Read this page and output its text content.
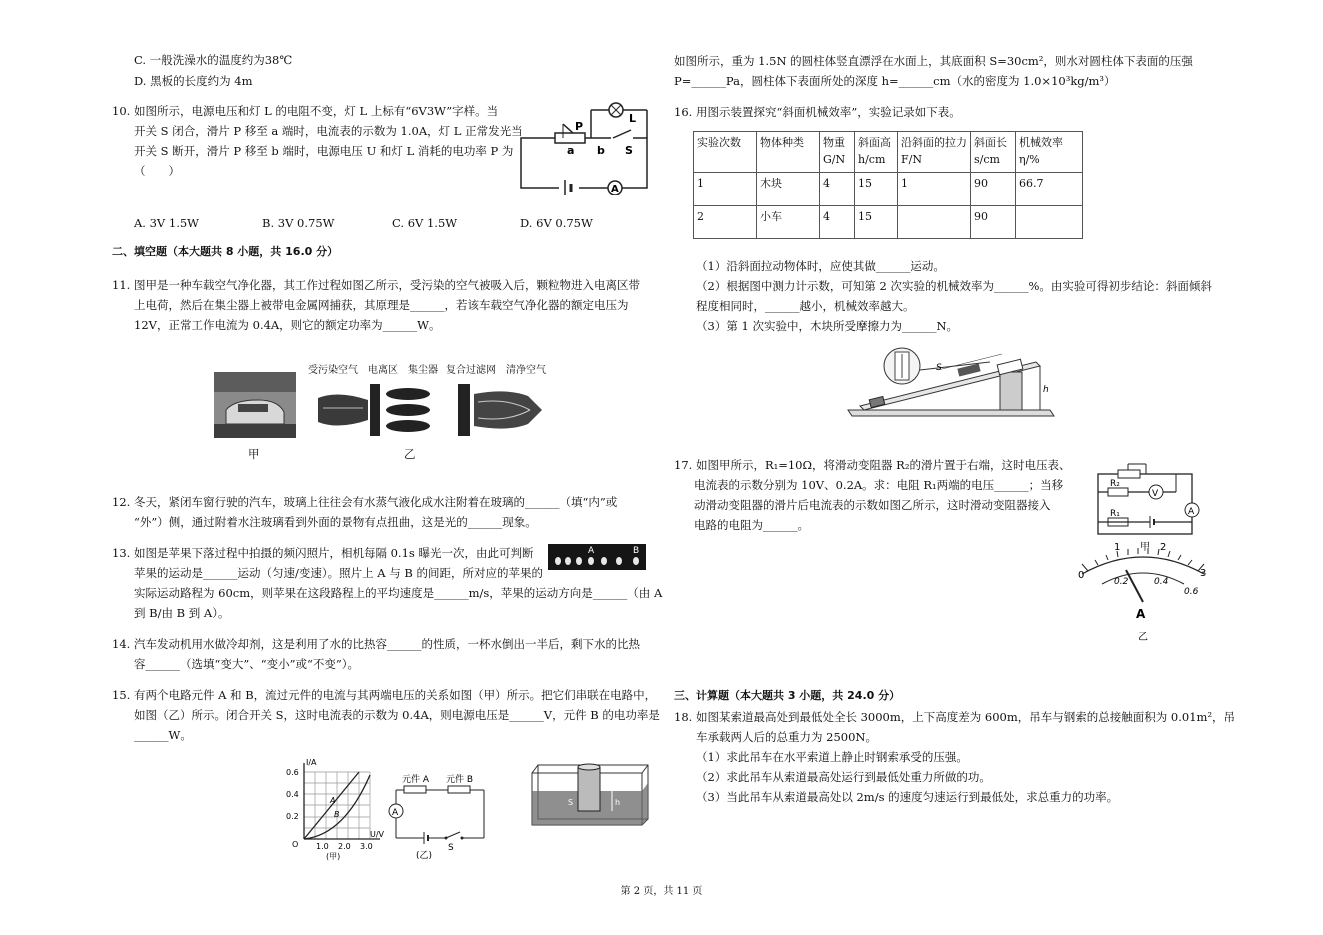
C. 一般洗澡水的温度约为38℃
D. 黑板的长度约为 4m
10. 如图所示，电源电压和灯 L 的电阻不变，灯 L 上标有“6V3W”字样。当
开关 S 闭合，滑片 P 移至 a 端时，电流表的示数为 1.0A，灯 L 正常发光当
开关 S 断开，滑片 P 移至 b 端时，电源电压 U 和灯 L 消耗的电功率 P 为
（　　）
P
a b
L
S
A
A. 3V 1.5W	B. 3V 0.75W	C. 6V 1.5W	D. 6V 0.75W
二、填空题（本大题共 8 小题，共 16.0 分）
11. 图甲是一种车载空气净化器，其工作过程如图乙所示，受污染的空气被吸入后，颗粒物进入电离区带
上电荷，然后在集尘器上被带电金属网捕获，其原理是______，若该车载空气净化器的额定电压为
12V，正常工作电流为 0.4A，则它的额定功率为______W。
受污染空气 电离区 集尘器 复合过滤网 清净空气
甲	乙
12. 冬天，紧闭车窗行驶的汽车，玻璃上往往会有水蒸气液化成水注附着在玻璃的______（填“内”或
“外”）侧，通过附着水注玻璃看到外面的景物有点扭曲，这是光的______现象。
13. 如图是苹果下落过程中拍摄的频闪照片，相机每隔 0.1s 曝光一次，由此可判断
苹果的运动是______运动（匀速/变速）。照片上 A 与 B 的间距，所对应的苹果的
实际运动路程为 60cm，则苹果在这段路程上的平均速度是______m/s，苹果的运动方向是______（由 A
到 B/由 B 到 A）。
A	B
14. 汽车发动机用水做冷却剂，这是利用了水的比热容______的性质，一杯水倒出一半后，剩下水的比热
容______（选填“变大”、“变小”或“不变”）。
15. 有两个电路元件 A 和 B，流过元件的电流与其两端电压的关系如图（甲）所示。把它们串联在电路中，
如图（乙）所示。闭合开关 S，这时电流表的示数为 0.4A，则电源电压是______V，元件 B 的电功率是
______W。
I/A
U/V
0.6
0.4
0.2
O 1.0 2.0 3.0
A
B
(甲)
元件 A 元件 B
A
S
(乙)
S	h
如图所示，重为 1.5N 的圆柱体竖直漂浮在水面上，其底面积 S=30cm²，则水对圆柱体下表面的压强
P=______Pa，圆柱体下表面所处的深度 h=______cm（水的密度为 1.0×10³kg/m³）
16. 用图示装置探究“斜面机械效率”，实验记录如下表。
实验次数	物体种类	物重G/N	斜面高h/cm	沿斜面的拉力F/N	斜面长s/cm	机械效率η/%
1	木块	4	15	1	90	66.7
2	小车	4	15		90	
（1）沿斜面拉动物体时，应使其做______运动。
（2）根据图中测力计示数，可知第 2 次实验的机械效率为______%。由实验可得初步结论：斜面倾斜
程度相同时，______越小，机械效率越大。
（3）第 1 次实验中，木块所受摩擦力为______N。
S
h
17. 如图甲所示，R₁=10Ω，将滑动变阻器 R₂的滑片置于右端，这时电压表、
电流表的示数分别为 10V、0.2A。求：电阻 R₁两端的电压______；当移
动滑动变阻器的滑片后电流表的示数如图乙所示，这时滑动变阻器接入
电路的电阻为______。
R₂
V
R₁	A
甲
0
1	2
3
0.2	0.4
0.6
A
乙
三、计算题（本大题共 3 小题，共 24.0 分）
18. 如图某索道最高处到最低处全长 3000m，上下高度差为 600m，吊车与钢索的总接触面积为 0.01m²，吊
车承载两人后的总重力为 2500N。
（1）求此吊车在水平索道上静止时钢索承受的压强。
（2）求此吊车从索道最高处运行到最低处重力所做的功。
（3）当此吊车从索道最高处以 2m/s 的速度匀速运行到最低处，求总重力的功率。
第 2 页，共 11 页
